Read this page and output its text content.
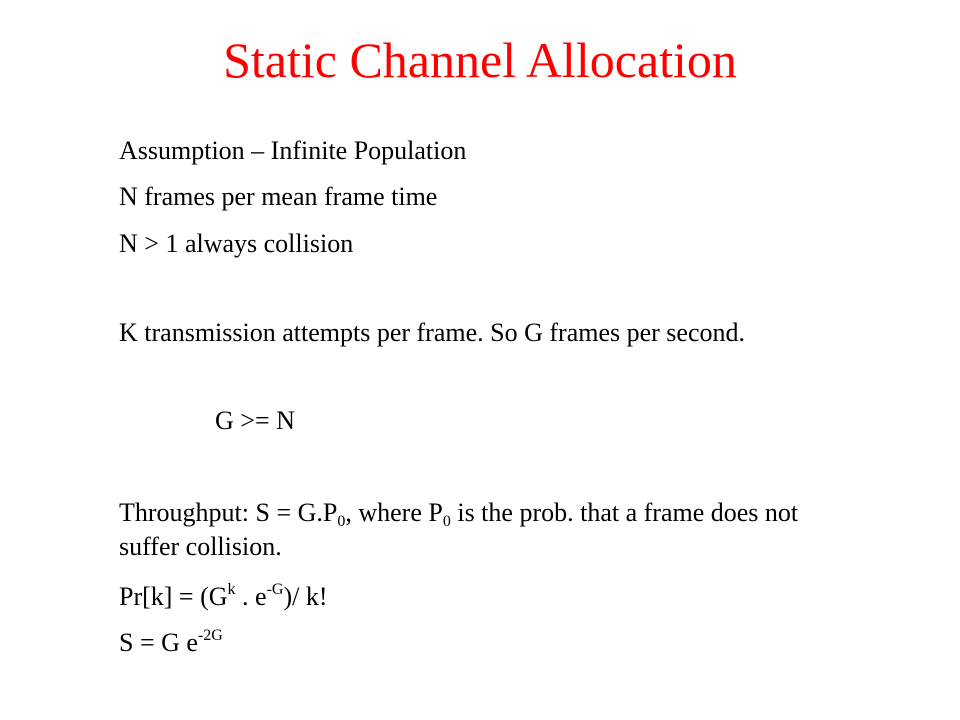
Static Channel Allocation
Assumption – Infinite Population
N frames per mean frame time
N > 1 always collision
K transmission attempts per frame. So G frames per second.
G >= N
Throughput: S = G.P0, where P0 is the prob. that a frame does not suffer collision.
$Pr[k] = (G^k$ . $e^{-G})/$ k!
S = G $e^{-2G}$
